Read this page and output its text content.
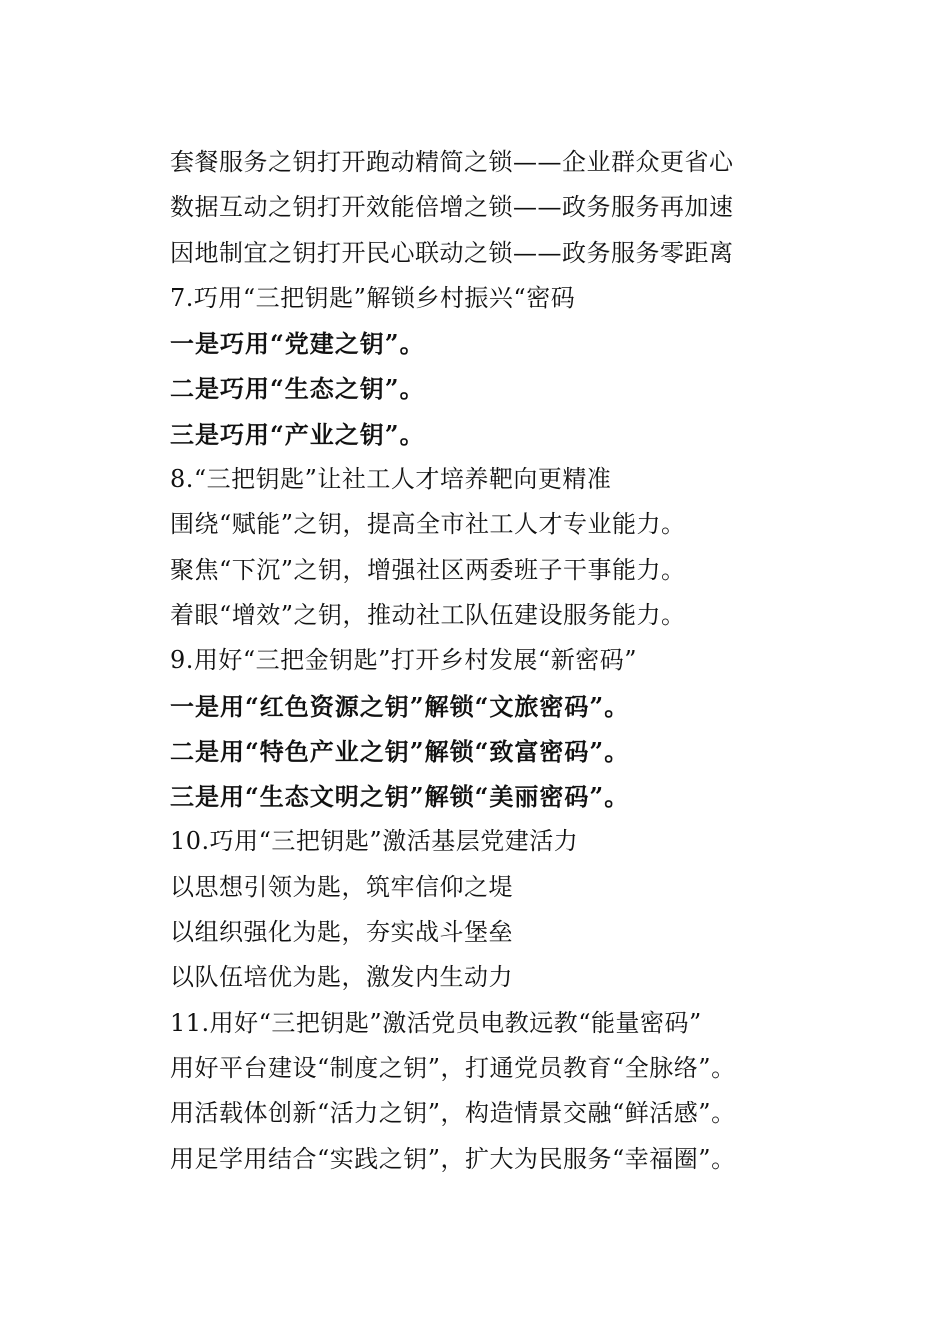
套餐服务之钥打开跑动精简之锁——企业群众更省心
数据互动之钥打开效能倍增之锁——政务服务再加速
因地制宜之钥打开民心联动之锁——政务服务零距离
7.巧用“三把钥匙”解锁乡村振兴“密码
一是巧用“党建之钥”。
二是巧用“生态之钥”。
三是巧用“产业之钥”。
8.“三把钥匙”让社工人才培养靶向更精准
围绕“赋能”之钥，提高全市社工人才专业能力。
聚焦“下沉”之钥，增强社区两委班子干事能力。
着眼“增效”之钥，推动社工队伍建设服务能力。
9.用好“三把金钥匙”打开乡村发展“新密码”
一是用“红色资源之钥”解锁“文旅密码”。
二是用“特色产业之钥”解锁“致富密码”。
三是用“生态文明之钥”解锁“美丽密码”。
10.巧用“三把钥匙”激活基层党建活力
以思想引领为匙，筑牢信仰之堤
以组织强化为匙，夯实战斗堡垒
以队伍培优为匙，激发内生动力
11.用好“三把钥匙”激活党员电教远教“能量密码”
用好平台建设“制度之钥”，打通党员教育“全脉络”。
用活载体创新“活力之钥”，构造情景交融“鲜活感”。
用足学用结合“实践之钥”，扩大为民服务“幸福圈”。
